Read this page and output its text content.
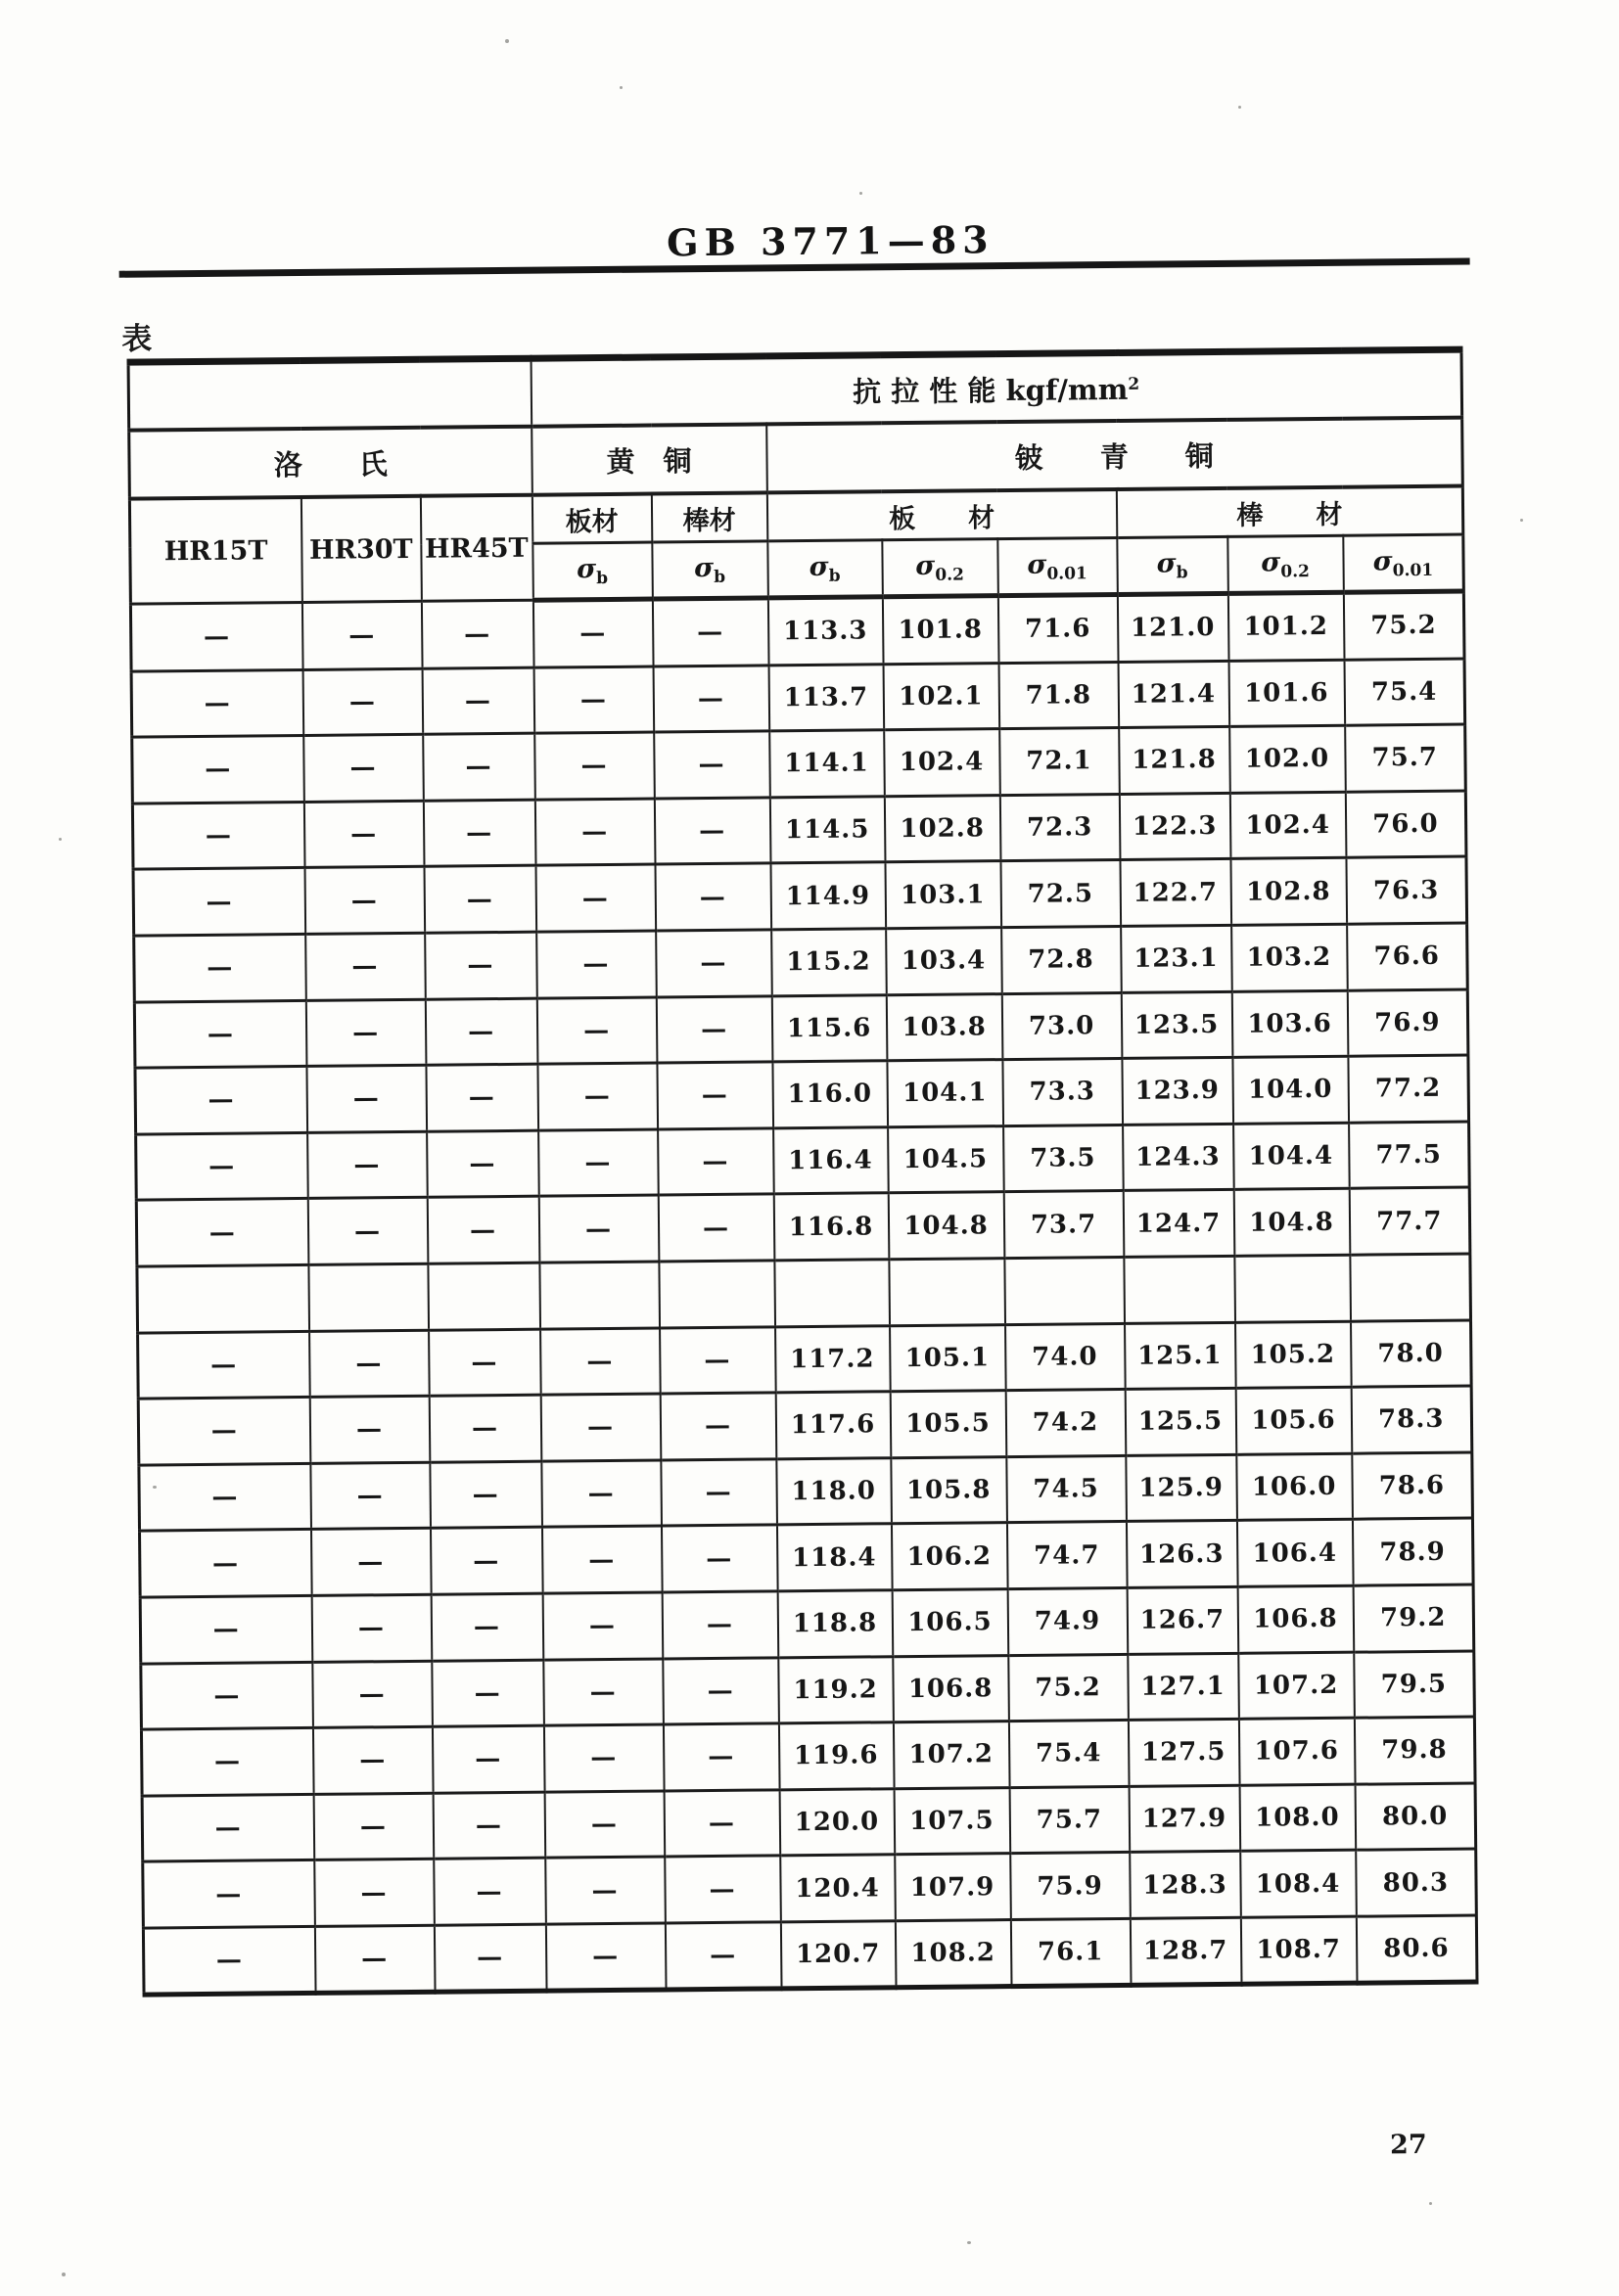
GB 3771—83
表
			抗 拉 性 能 kgf/$mm^2$
洛　　氏			黄　铜		铍　　青　　铜					
HR15T	HR30T	HR45T	板材	棒材	板　　材			棒　　材		
			$\sigma_b$	$\sigma_b$	$\sigma_b$	$\sigma_{0.2}$	$\sigma_{0.01}$	$\sigma_b$	$\sigma_{0.2}$	$\sigma_{0.01}$
—	—	—	—	—	113.3	101.8	71.6	121.0	101.2	75.2
—	—	—	—	—	113.7	102.1	71.8	121.4	101.6	75.4
—	—	—	—	—	114.1	102.4	72.1	121.8	102.0	75.7
—	—	—	—	—	114.5	102.8	72.3	122.3	102.4	76.0
—	—	—	—	—	114.9	103.1	72.5	122.7	102.8	76.3
—	—	—	—	—	115.2	103.4	72.8	123.1	103.2	76.6
—	—	—	—	—	115.6	103.8	73.0	123.5	103.6	76.9
—	—	—	—	—	116.0	104.1	73.3	123.9	104.0	77.2
—	—	—	—	—	116.4	104.5	73.5	124.3	104.4	77.5
—	—	—	—	—	116.8	104.8	73.7	124.7	104.8	77.7

—	—	—	—	—	117.2	105.1	74.0	125.1	105.2	78.0
—	—	—	—	—	117.6	105.5	74.2	125.5	105.6	78.3
—	—	—	—	—	118.0	105.8	74.5	125.9	106.0	78.6
—	—	—	—	—	118.4	106.2	74.7	126.3	106.4	78.9
—	—	—	—	—	118.8	106.5	74.9	126.7	106.8	79.2
—	—	—	—	—	119.2	106.8	75.2	127.1	107.2	79.5
—	—	—	—	—	119.6	107.2	75.4	127.5	107.6	79.8
—	—	—	—	—	120.0	107.5	75.7	127.9	108.0	80.0
—	—	—	—	—	120.4	107.9	75.9	128.3	108.4	80.3
—	—	—	—	—	120.7	108.2	76.1	128.7	108.7	80.6
27
